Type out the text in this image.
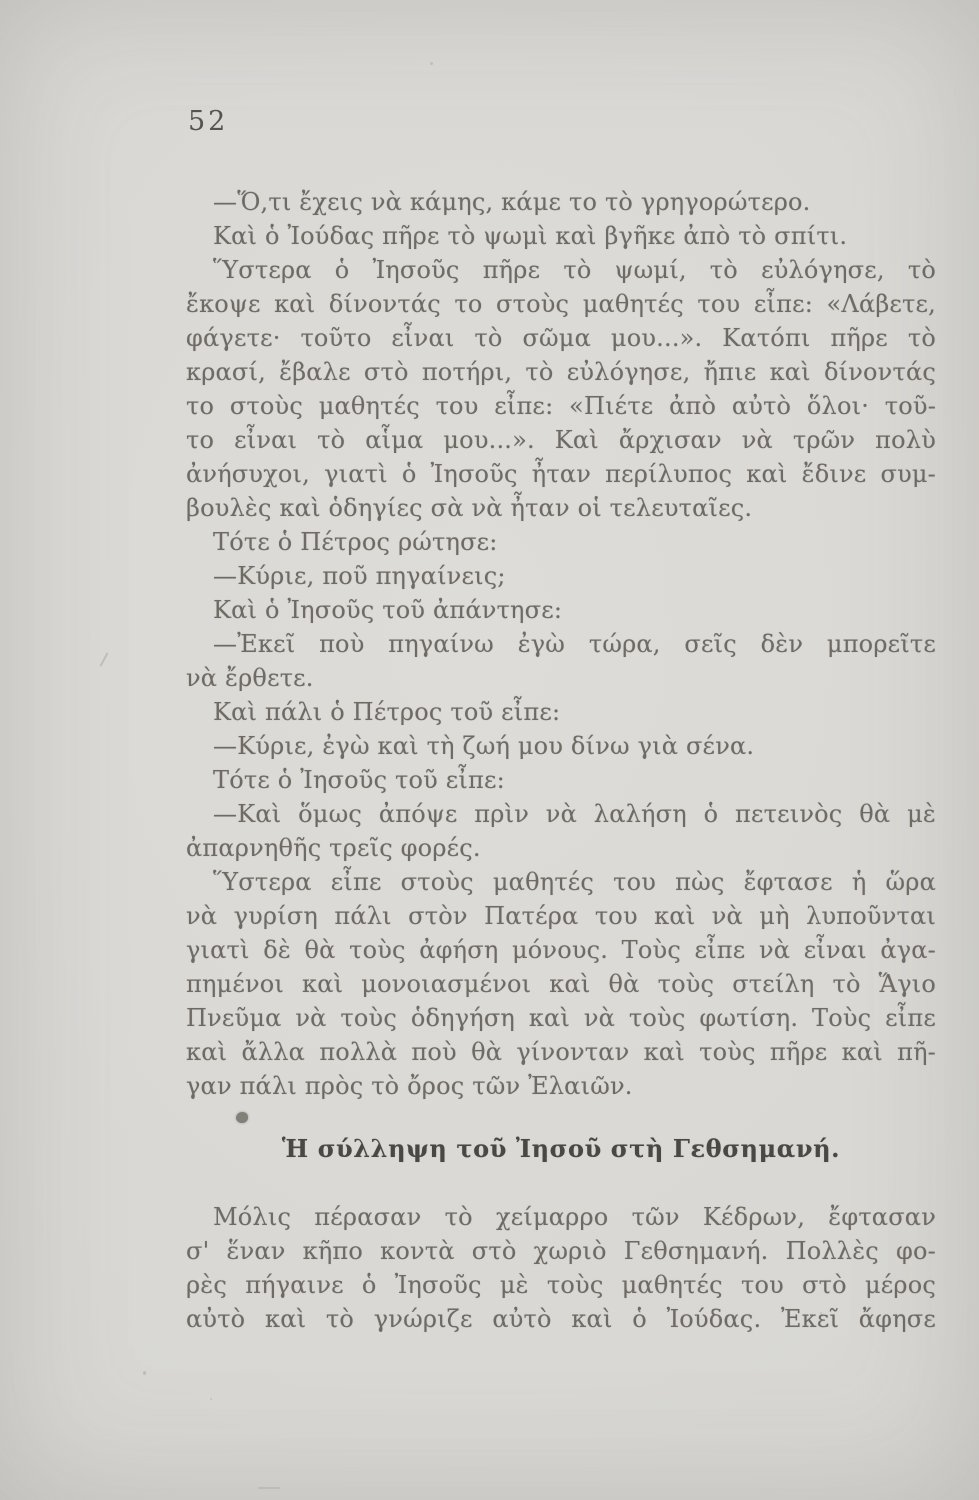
52
—Ὅ,τι ἔχεις νὰ κάμης, κάμε το τὸ γρηγορώτερο.
Καὶ ὁ Ἰούδας πῆρε τὸ ψωμὶ καὶ βγῆκε ἀπὸ τὸ σπίτι.
Ὕστερα ὁ Ἰησοῦς πῆρε τὸ ψωμί, τὸ εὐλόγησε, τὸ
ἔκοψε καὶ δίνοντάς το στοὺς μαθητές του εἶπε: «Λάβετε,
φάγετε· τοῦτο εἶναι τὸ σῶμα μου...». Κατόπι πῆρε τὸ
κρασί, ἔβαλε στὸ ποτήρι, τὸ εὐλόγησε, ἤπιε καὶ δίνοντάς
το στοὺς μαθητές του εἶπε: «Πιέτε ἀπὸ αὐτὸ ὅλοι· τοῦ-
το εἶναι τὸ αἷμα μου...». Καὶ ἄρχισαν νὰ τρῶν πολὺ
ἀνήσυχοι, γιατὶ ὁ Ἰησοῦς ἦταν περίλυπος καὶ ἔδινε συμ-
βουλὲς καὶ ὁδηγίες σὰ νὰ ἦταν οἱ τελευταῖες.
Τότε ὁ Πέτρος ρώτησε:
—Κύριε, ποῦ πηγαίνεις;
Καὶ ὁ Ἰησοῦς τοῦ ἀπάντησε:
—Ἐκεῖ ποὺ πηγαίνω ἐγὼ τώρα, σεῖς δὲν μπορεῖτε
νὰ ἔρθετε.
Καὶ πάλι ὁ Πέτρος τοῦ εἶπε:
—Κύριε, ἐγὼ καὶ τὴ ζωή μου δίνω γιὰ σένα.
Τότε ὁ Ἰησοῦς τοῦ εἶπε:
—Καὶ ὅμως ἀπόψε πρὶν νὰ λαλήση ὁ πετεινὸς θὰ μὲ
ἀπαρνηθῆς τρεῖς φορές.
Ὕστερα εἶπε στοὺς μαθητές του πὼς ἔφτασε ἡ ὥρα
νὰ γυρίση πάλι στὸν Πατέρα του καὶ νὰ μὴ λυποῦνται
γιατὶ δὲ θὰ τοὺς ἀφήση μόνους. Τοὺς εἶπε νὰ εἶναι ἀγα-
πημένοι καὶ μονοιασμένοι καὶ θὰ τοὺς στείλη τὸ Ἅγιο
Πνεῦμα νὰ τοὺς ὁδηγήση καὶ νὰ τοὺς φωτίση. Τοὺς εἶπε
καὶ ἄλλα πολλὰ ποὺ θὰ γίνονταν καὶ τοὺς πῆρε καὶ πῆ-
γαν πάλι πρὸς τὸ ὄρος τῶν Ἐλαιῶν.
Ἡ σύλληψη τοῦ Ἰησοῦ στὴ Γεθσημανή.
Μόλις πέρασαν τὸ χείμαρρο τῶν Κέδρων, ἔφτασαν
σ' ἕναν κῆπο κοντὰ στὸ χωριὸ Γεθσημανή. Πολλὲς φο-
ρὲς πήγαινε ὁ Ἰησοῦς μὲ τοὺς μαθητές του στὸ μέρος
αὐτὸ καὶ τὸ γνώριζε αὐτὸ καὶ ὁ Ἰούδας. Ἐκεῖ ἄφησε
